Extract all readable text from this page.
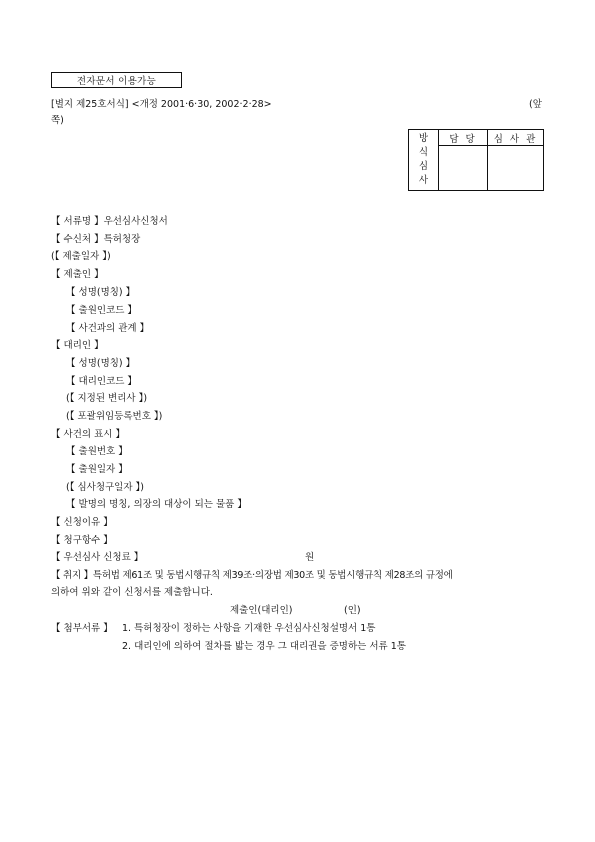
전자문서 이용가능
[별지 제25호서식] <개정 2001·6·30, 2002·2·28>	(앞
쪽)
방
식
심
사	담 당	심 사 관

【 서류명 】우선심사신청서
【 수신처 】특허청장
(【 제출일자 】)
【 제출인 】
【 성명(명칭) 】
【 출원인코드 】
【 사건과의 관계 】
【 대리인 】
【 성명(명칭) 】
【 대리인코드 】
(【 지정된 변리사 】)
(【 포괄위임등록번호 】)
【 사건의 표시 】
【 출원번호 】
【 출원일자 】
(【 심사청구일자 】)
【 발명의 명칭, 의장의 대상이 되는 물품 】
【 신청이유 】
【 청구항수 】
【 우선심사 신청료 】	원
【 취지 】특허법 제61조 및 동법시행규칙 제39조·의장법 제30조 및 동법시행규칙 제28조의 규정에
의하여 위와 같이 신청서를 제출합니다.
제출인(대리인)	(인)
【 첨부서류 】 1. 특허청장이 정하는 사항을 기재한 우선심사신청설명서 1통
2. 대리인에 의하여 절차를 밟는 경우 그 대리권을 증명하는 서류 1통
